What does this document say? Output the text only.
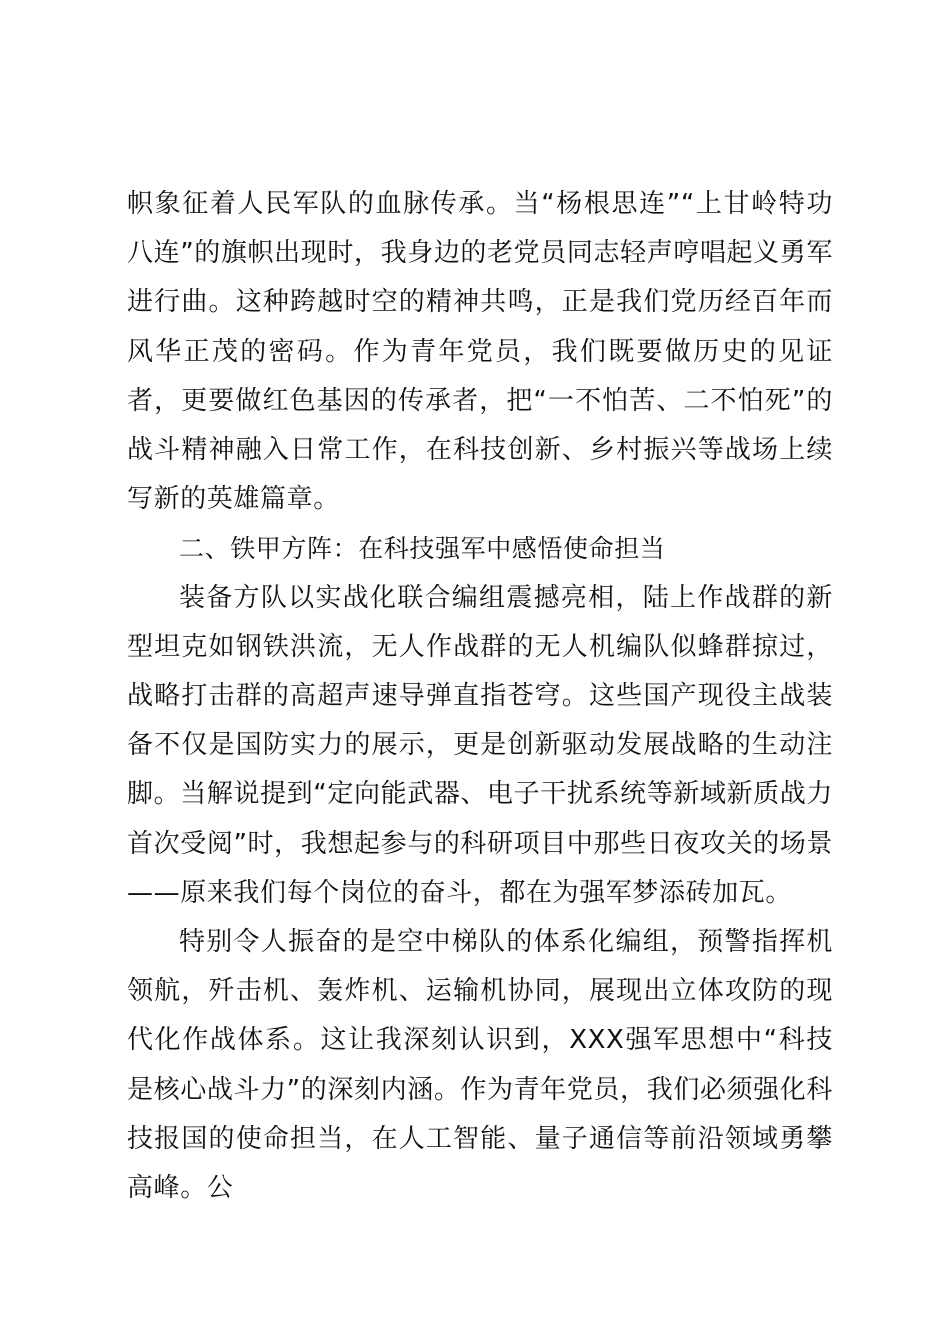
帜象征着人民军队的血脉传承。当“杨根思连”“上甘岭特功八连”的旗帜出现时，我身边的老党员同志轻声哼唱起义勇军进行曲。这种跨越时空的精神共鸣，正是我们党历经百年而风华正茂的密码。作为青年党员，我们既要做历史的见证者，更要做红色基因的传承者，把“一不怕苦、二不怕死”的战斗精神融入日常工作，在科技创新、乡村振兴等战场上续写新的英雄篇章。

二、铁甲方阵：在科技强军中感悟使命担当

装备方队以实战化联合编组震撼亮相，陆上作战群的新型坦克如钢铁洪流，无人作战群的无人机编队似蜂群掠过，战略打击群的高超声速导弹直指苍穹。这些国产现役主战装备不仅是国防实力的展示，更是创新驱动发展战略的生动注脚。当解说提到“定向能武器、电子干扰系统等新域新质战力首次受阅”时，我想起参与的科研项目中那些日夜攻关的场景——原来我们每个岗位的奋斗，都在为强军梦添砖加瓦。

特别令人振奋的是空中梯队的体系化编组，预警指挥机领航，歼击机、轰炸机、运输机协同，展现出立体攻防的现代化作战体系。这让我深刻认识到，XXX强军思想中“科技是核心战斗力”的深刻内涵。作为青年党员，我们必须强化科技报国的使命担当，在人工智能、量子通信等前沿领域勇攀高峰。公
